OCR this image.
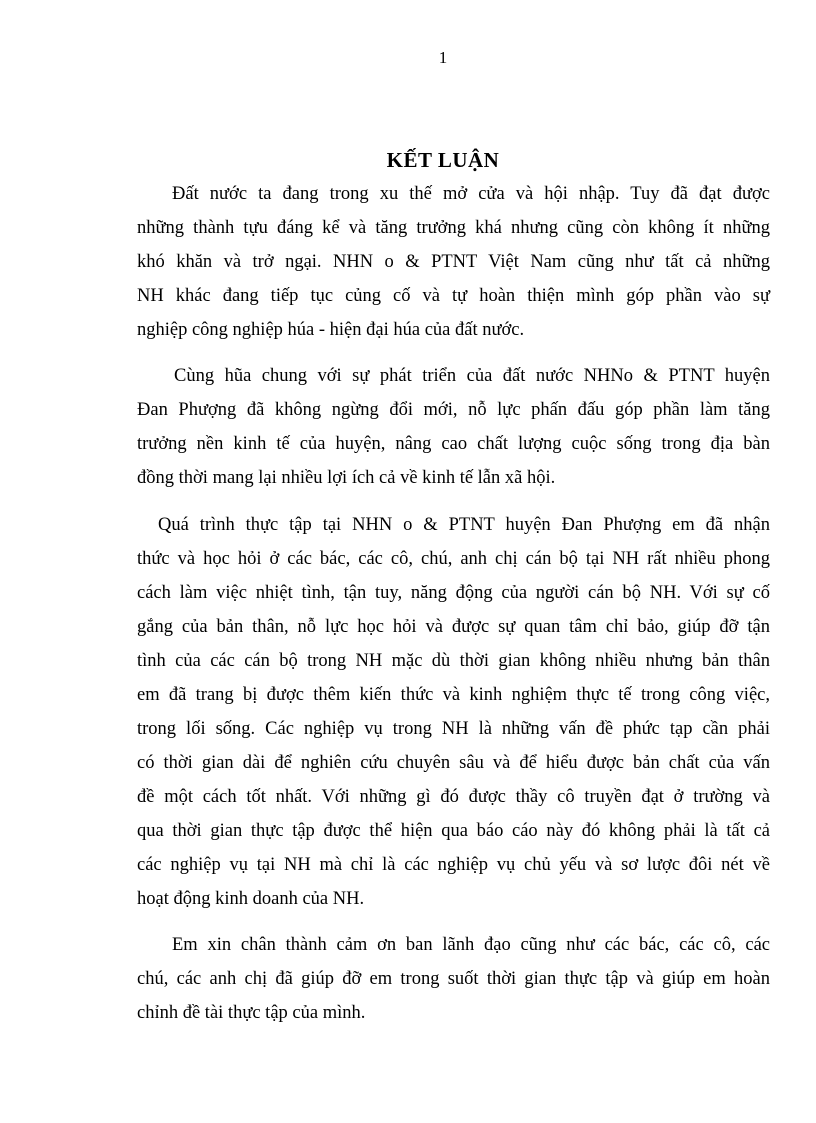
1
KẾT LUẬN
Đất nước ta đang trong xu thế mở cửa và hội nhập. Tuy đã đạt được
những thành tựu đáng kể và tăng trưởng khá nhưng cũng còn không ít những
khó khăn và trở ngại. NHN o & PTNT Việt Nam cũng như tất cả những
NH khác đang tiếp tục củng cố và tự hoàn thiện mình góp phần vào sự
nghiệp công nghiệp húa - hiện đại húa của đất nước.
Cùng hũa chung với sự phát triển của đất nước NHNo & PTNT huyện
Đan Phượng đã không ngừng đổi mới, nỗ lực phấn đấu góp phần làm tăng
trưởng nền kinh tế của huyện, nâng cao chất lượng cuộc sống trong địa bàn
đồng thời mang lại nhiều lợi ích cả về kinh tế lẫn xã hội.
Quá trình thực tập tại NHN o & PTNT huyện Đan Phượng em đã nhận
thức và học hỏi ở các bác, các cô, chú, anh chị cán bộ tại NH rất nhiều phong
cách làm việc nhiệt tình, tận tuy, năng động của người cán bộ NH. Với sự cố
gắng của bản thân, nỗ lực học hỏi và được sự quan tâm chỉ bảo, giúp đỡ tận
tình của các cán bộ trong NH mặc dù thời gian không nhiều nhưng bản thân
em đã trang bị được thêm kiến thức và kinh nghiệm thực tế trong công việc,
trong lối sống. Các nghiệp vụ trong NH là những vấn đề phức tạp cần phải
có thời gian dài để nghiên cứu chuyên sâu và để hiểu được bản chất của vấn
đề một cách tốt nhất. Với những gì đó được thầy cô truyền đạt ở trường và
qua thời gian thực tập được thể hiện qua báo cáo này đó không phải là tất cả
các nghiệp vụ tại NH mà chỉ là các nghiệp vụ chủ yếu và sơ lược đôi nét về
hoạt động kinh doanh của NH.
Em xin chân thành cảm ơn ban lãnh đạo cũng như các bác, các cô, các
chú, các anh chị đã giúp đỡ em trong suốt thời gian thực tập và giúp em hoàn
chỉnh đề tài thực tập của mình.
